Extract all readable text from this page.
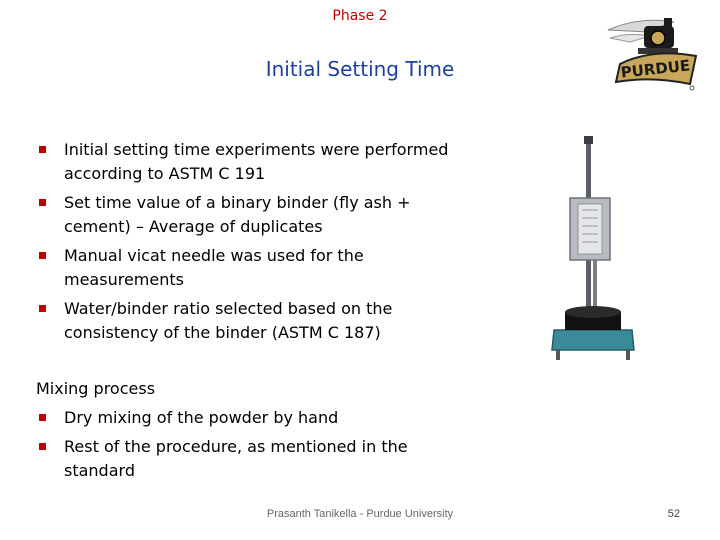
Phase 2
Initial Setting Time	PURDUE
Initial setting time experiments were performed
according to ASTM C 191
Set time value of a binary binder (fly ash +
cement) – Average of duplicates
Manual vicat needle was used for the
measurements
Water/binder ratio selected based on the
consistency of the binder (ASTM C 187)
Mixing process
Dry mixing of the powder by hand
Rest of the procedure, as mentioned in the
standard
Prasanth Tanikella - Purdue University	52
